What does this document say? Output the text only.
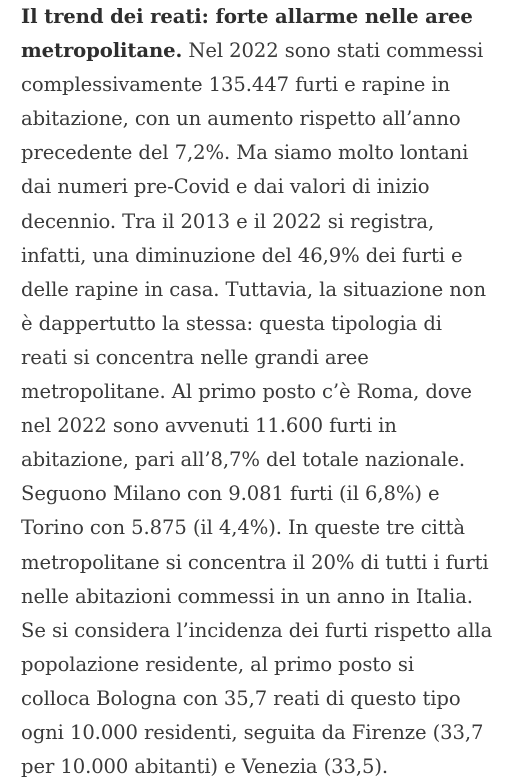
Il trend dei reati: forte allarme nelle aree
metropolitane. Nel 2022 sono stati commessi
complessivamente 135.447 furti e rapine in
abitazione, con un aumento rispetto all’anno
precedente del 7,2%. Ma siamo molto lontani
dai numeri pre-Covid e dai valori di inizio
decennio. Tra il 2013 e il 2022 si registra,
infatti, una diminuzione del 46,9% dei furti e
delle rapine in casa. Tuttavia, la situazione non
è dappertutto la stessa: questa tipologia di
reati si concentra nelle grandi aree
metropolitane. Al primo posto c’è Roma, dove
nel 2022 sono avvenuti 11.600 furti in
abitazione, pari all’8,7% del totale nazionale.
Seguono Milano con 9.081 furti (il 6,8%) e
Torino con 5.875 (il 4,4%). In queste tre città
metropolitane si concentra il 20% di tutti i furti
nelle abitazioni commessi in un anno in Italia.
Se si considera l’incidenza dei furti rispetto alla
popolazione residente, al primo posto si
colloca Bologna con 35,7 reati di questo tipo
ogni 10.000 residenti, seguita da Firenze (33,7
per 10.000 abitanti) e Venezia (33,5).
